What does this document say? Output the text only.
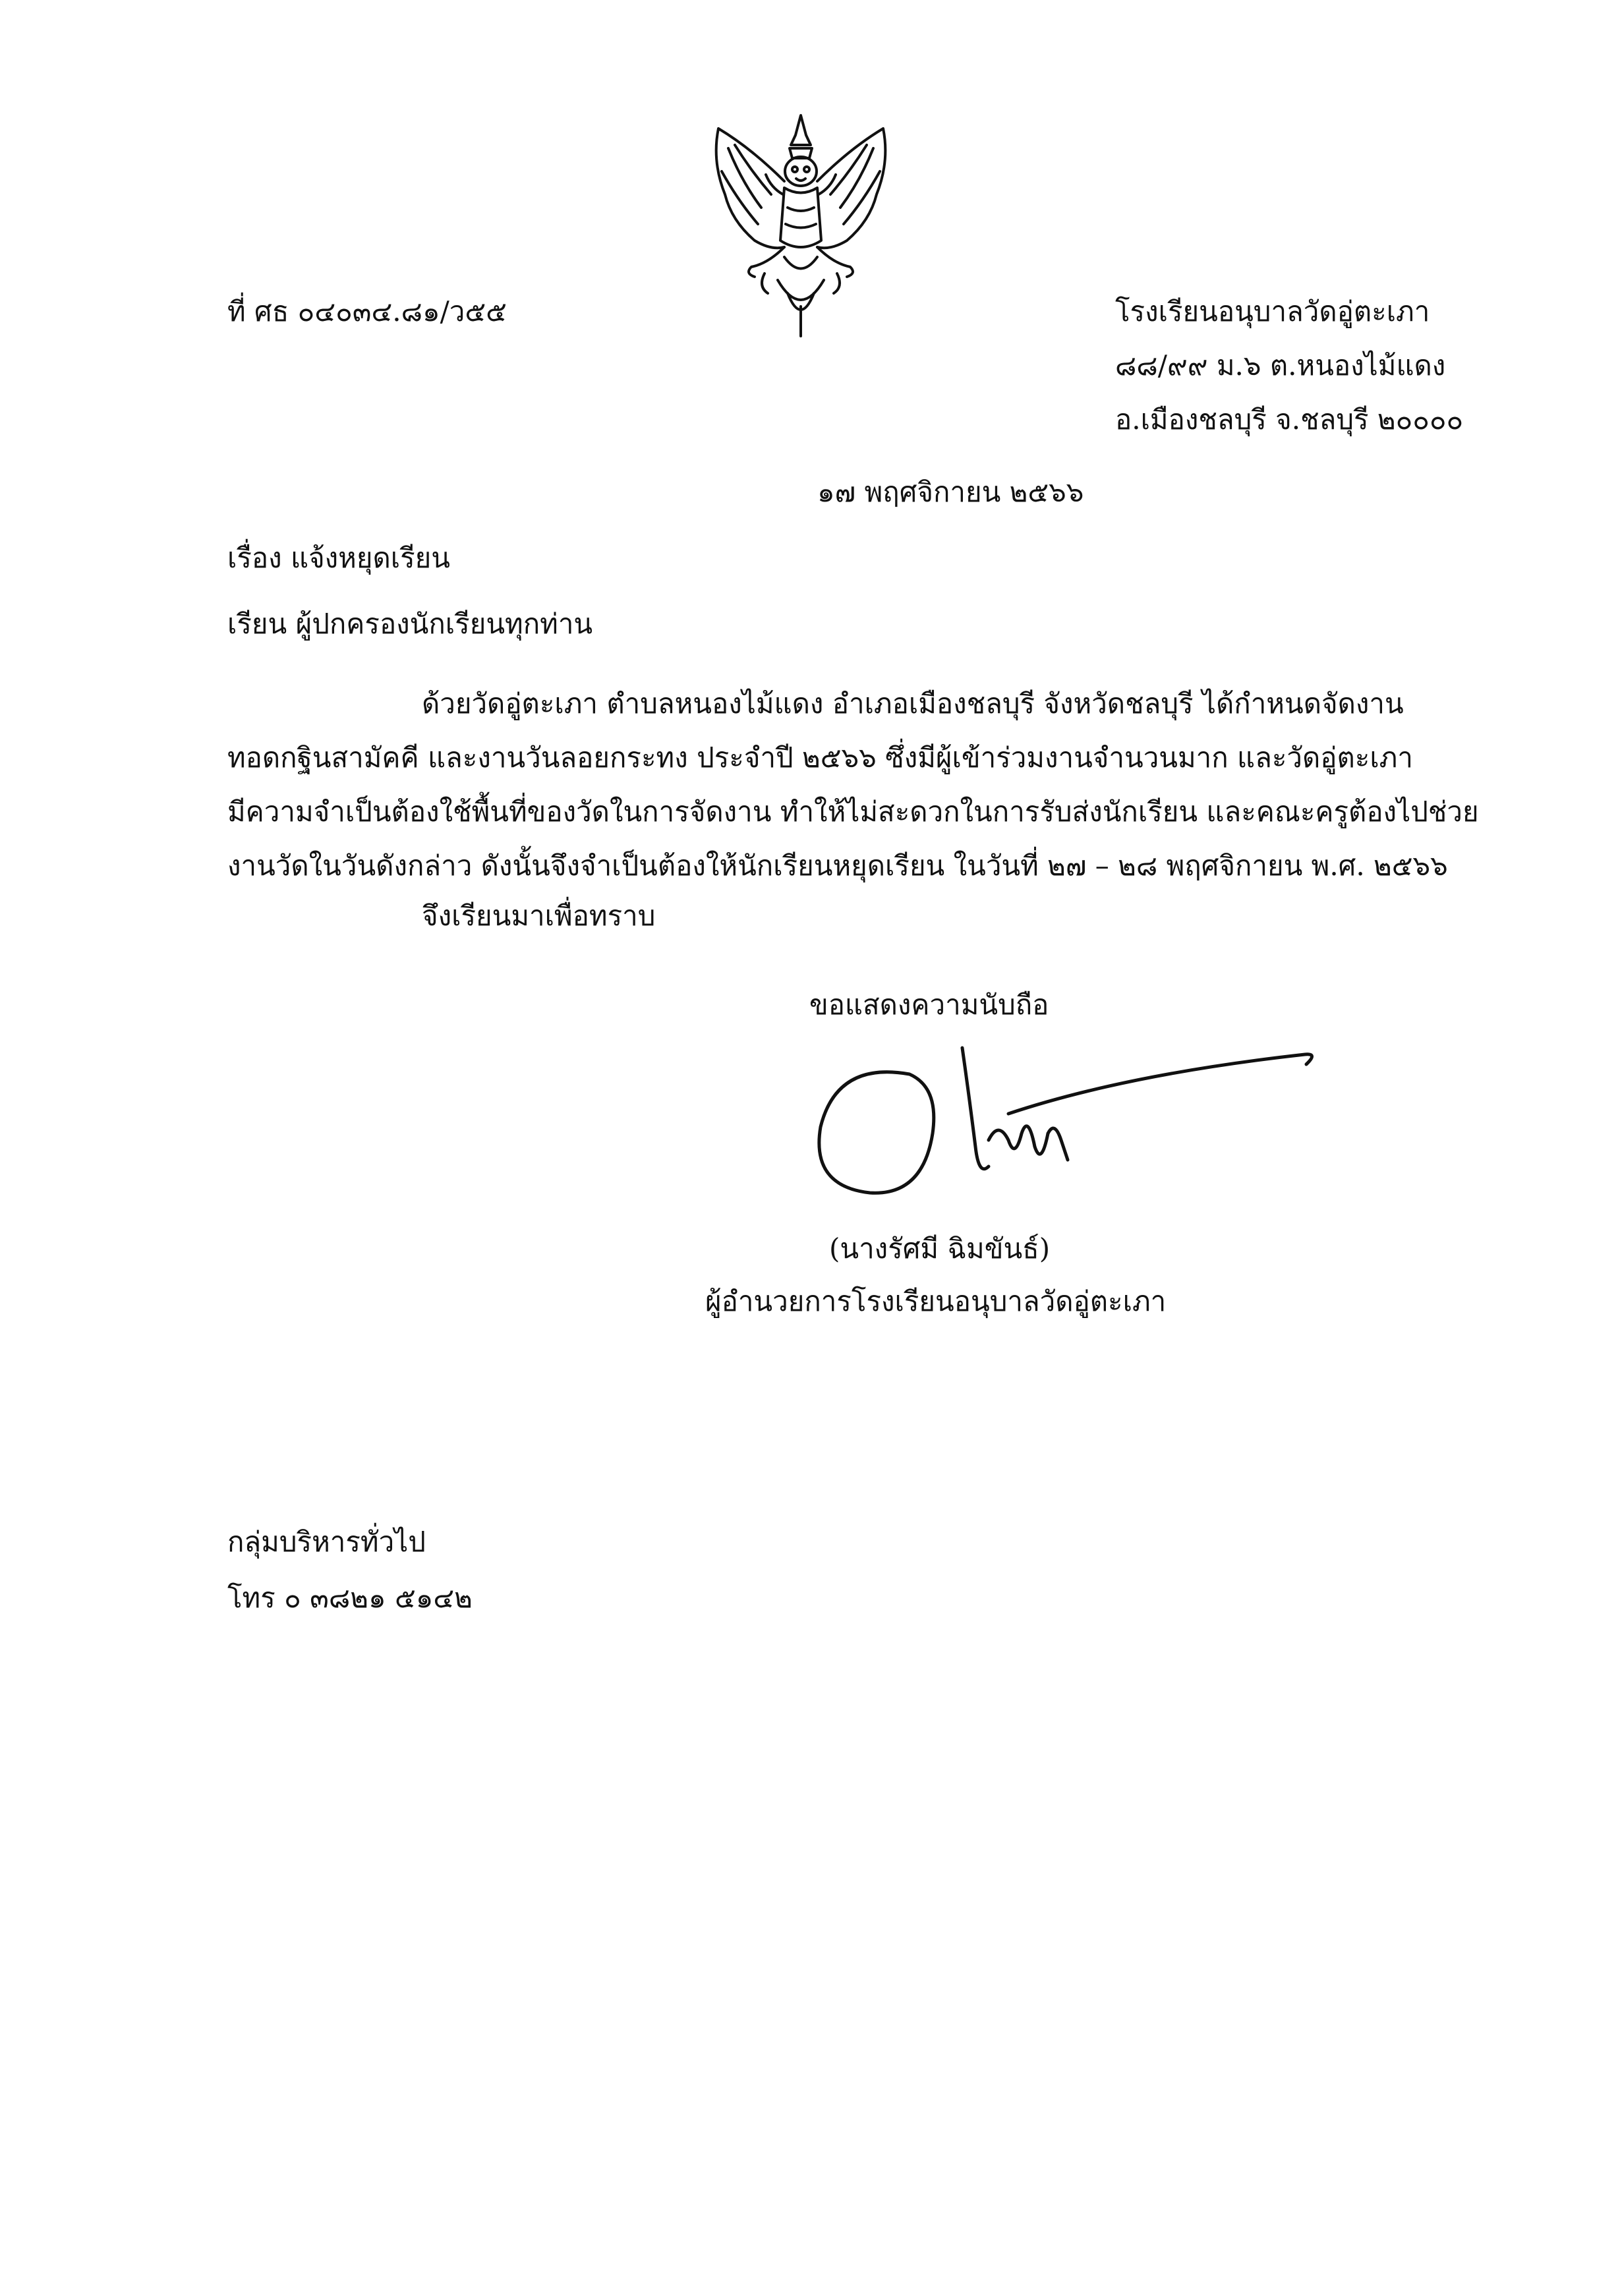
ที่ ศธ ๐๔๐๓๔.๘๑/ว๕๕	โรงเรียนอนุบาลวัดอู่ตะเภา
๘๘/๙๙ ม.๖ ต.หนองไม้แดง
อ.เมืองชลบุรี จ.ชลบุรี ๒๐๐๐๐
๑๗ พฤศจิกายน ๒๕๖๖
เรื่อง แจ้งหยุดเรียน
เรียน ผู้ปกครองนักเรียนทุกท่าน
ด้วยวัดอู่ตะเภา ตำบลหนองไม้แดง อำเภอเมืองชลบุรี จังหวัดชลบุรี ได้กำหนดจัดงาน
ทอดกฐินสามัคคี และงานวันลอยกระทง ประจำปี ๒๕๖๖ ซึ่งมีผู้เข้าร่วมงานจำนวนมาก และวัดอู่ตะเภา
มีความจำเป็นต้องใช้พื้นที่ของวัดในการจัดงาน ทำให้ไม่สะดวกในการรับส่งนักเรียน และคณะครูต้องไปช่วย
งานวัดในวันดังกล่าว ดังนั้นจึงจำเป็นต้องให้นักเรียนหยุดเรียน ในวันที่ ๒๗ – ๒๘ พฤศจิกายน พ.ศ. ๒๕๖๖
จึงเรียนมาเพื่อทราบ
ขอแสดงความนับถือ
(นางรัศมี ฉิมขันธ์)
ผู้อำนวยการโรงเรียนอนุบาลวัดอู่ตะเภา
กลุ่มบริหารทั่วไป
โทร ๐ ๓๘๒๑ ๕๑๔๒
